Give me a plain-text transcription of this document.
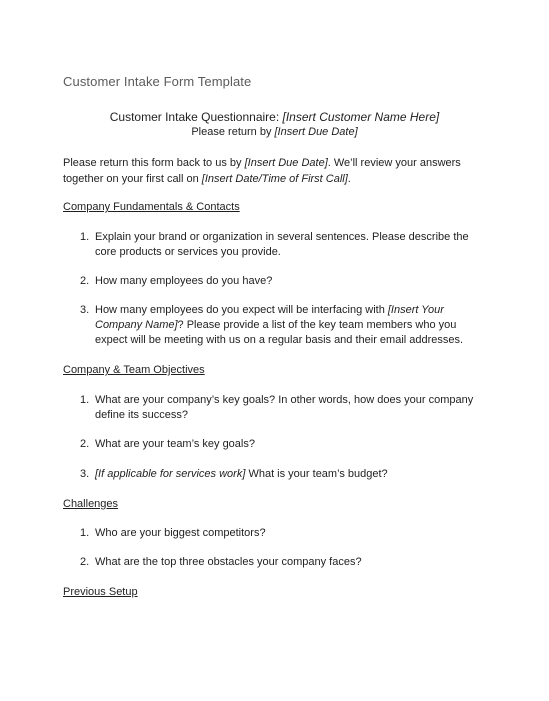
Customer Intake Form Template
Customer Intake Questionnaire: [Insert Customer Name Here]
Please return by [Insert Due Date]
Please return this form back to us by [Insert Due Date]. We’ll review your answers together on your first call on [Insert Date/Time of First Call].
Company Fundamentals & Contacts
1. Explain your brand or organization in several sentences. Please describe the core products or services you provide.
2. How many employees do you have?
3. How many employees do you expect will be interfacing with [Insert Your Company Name]? Please provide a list of the key team members who you expect will be meeting with us on a regular basis and their email addresses.
Company & Team Objectives
1. What are your company’s key goals? In other words, how does your company define its success?
2. What are your team’s key goals?
3. [If applicable for services work] What is your team’s budget?
Challenges
1. Who are your biggest competitors?
2. What are the top three obstacles your company faces?
Previous Setup
